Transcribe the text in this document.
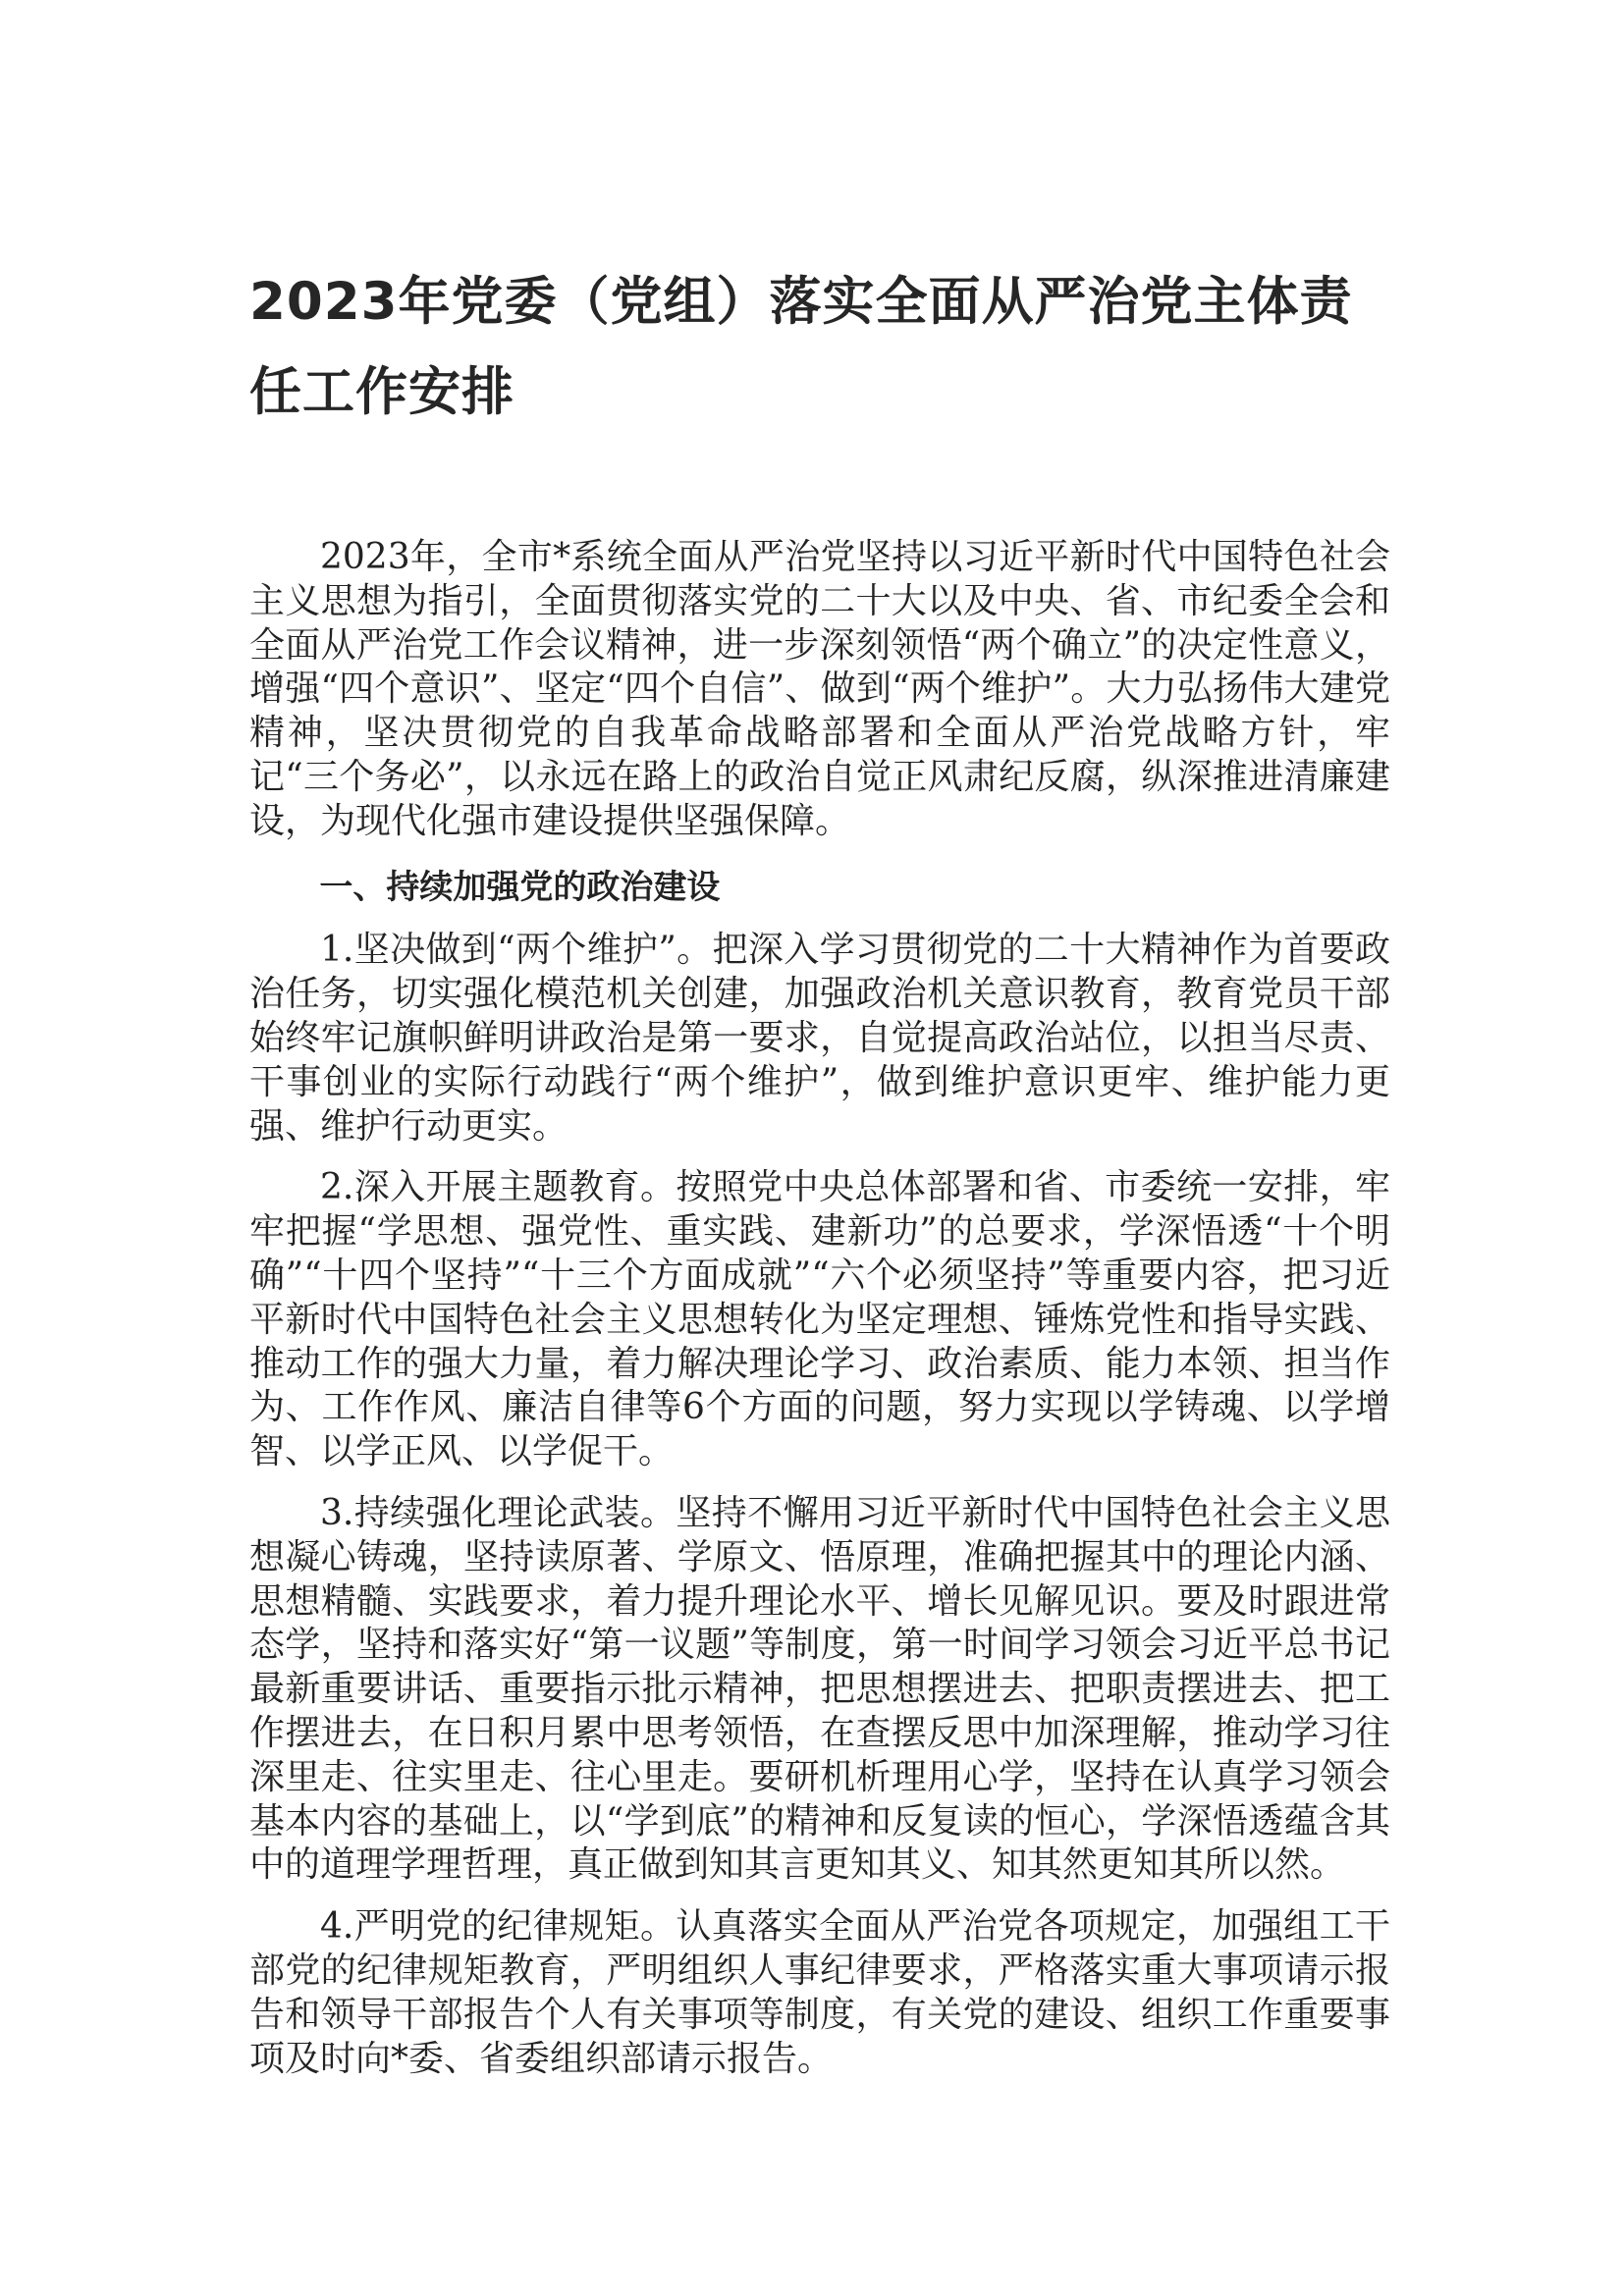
2023年党委（党组）落实全面从严治党主体责任工作安排

2023年，全市*系统全面从严治党坚持以习近平新时代中国特色社会主义思想为指引，全面贯彻落实党的二十大以及中央、省、市纪委全会和全面从严治党工作会议精神，进一步深刻领悟“两个确立”的决定性意义，增强“四个意识”、坚定“四个自信”、做到“两个维护”。大力弘扬伟大建党精神，坚决贯彻党的自我革命战略部署和全面从严治党战略方针，牢记“三个务必”，以永远在路上的政治自觉正风肃纪反腐，纵深推进清廉建设，为现代化强市建设提供坚强保障。

一、持续加强党的政治建设

1.坚决做到“两个维护”。把深入学习贯彻党的二十大精神作为首要政治任务，切实强化模范机关创建，加强政治机关意识教育，教育党员干部始终牢记旗帜鲜明讲政治是第一要求，自觉提高政治站位，以担当尽责、干事创业的实际行动践行“两个维护”，做到维护意识更牢、维护能力更强、维护行动更实。

2.深入开展主题教育。按照党中央总体部署和省、市委统一安排，牢牢把握“学思想、强党性、重实践、建新功”的总要求，学深悟透“十个明确”“十四个坚持”“十三个方面成就”“六个必须坚持”等重要内容，把习近平新时代中国特色社会主义思想转化为坚定理想、锤炼党性和指导实践、推动工作的强大力量，着力解决理论学习、政治素质、能力本领、担当作为、工作作风、廉洁自律等6个方面的问题，努力实现以学铸魂、以学增智、以学正风、以学促干。

3.持续强化理论武装。坚持不懈用习近平新时代中国特色社会主义思想凝心铸魂，坚持读原著、学原文、悟原理，准确把握其中的理论内涵、思想精髓、实践要求，着力提升理论水平、增长见解见识。要及时跟进常态学，坚持和落实好“第一议题”等制度，第一时间学习领会习近平总书记最新重要讲话、重要指示批示精神，把思想摆进去、把职责摆进去、把工作摆进去，在日积月累中思考领悟，在查摆反思中加深理解，推动学习往深里走、往实里走、往心里走。要研机析理用心学，坚持在认真学习领会基本内容的基础上，以“学到底”的精神和反复读的恒心，学深悟透蕴含其中的道理学理哲理，真正做到知其言更知其义、知其然更知其所以然。

4.严明党的纪律规矩。认真落实全面从严治党各项规定，加强组工干部党的纪律规矩教育，严明组织人事纪律要求，严格落实重大事项请示报告和领导干部报告个人有关事项等制度，有关党的建设、组织工作重要事项及时向*委、省委组织部请示报告。
